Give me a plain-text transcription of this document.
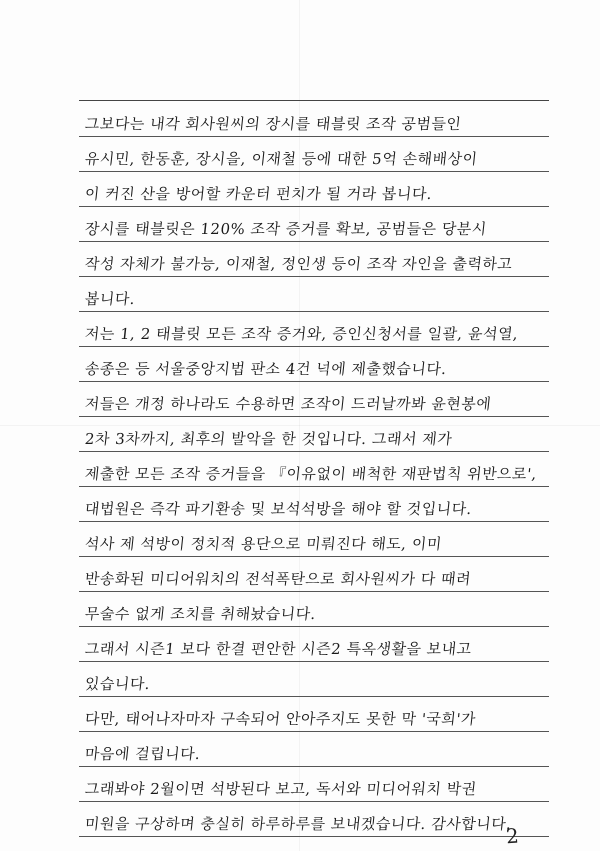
그보다는 내각 회사원씨의 장시를 태블릿 조작 공범들인
유시민, 한동훈, 장시을, 이재철 등에 대한 5억 손해배상이
이 커진 산을 방어할 카운터 펀치가 될 거라 봅니다.
장시를 태블릿은 120% 조작 증거를 확보, 공범들은 당분시
작성 자체가 불가능, 이재철, 정인생 등이 조작 자인을 출력하고
봅니다.
저는 1, 2 태블릿 모든 조작 증거와, 증인신청서를 일괄, 윤석열,
송종은 등 서울중앙지법 판소 4건 넉에 제출했습니다.
저들은 개정 하나라도 수용하면 조작이 드러날까봐 윤현봉에
2차 3차까지, 최후의 발악을 한 것입니다. 그래서 제가
제출한 모든 조작 증거들을 『이유없이 배척한 재판법칙 위반으로',
대법원은 즉각 파기환송 및 보석석방을 해야 할 것입니다.
석사 제 석방이 정치적 용단으로 미뤄진다 해도, 이미
반송화된 미디어워치의 전석폭탄으로 회사원씨가 다 때려
무술수 없게 조치를 취해놨습니다.
그래서 시즌1 보다 한결 편안한 시즌2 특옥생활을 보내고
있습니다.
다만, 태어나자마자 구속되어 안아주지도 못한 막 '국희'가
마음에 걸립니다.
그래봐야 2월이면 석방된다 보고, 독서와 미디어워치 박권
미원을 구상하며 충실히 하루하루를 보내겠습니다. 감사합니다.
2
